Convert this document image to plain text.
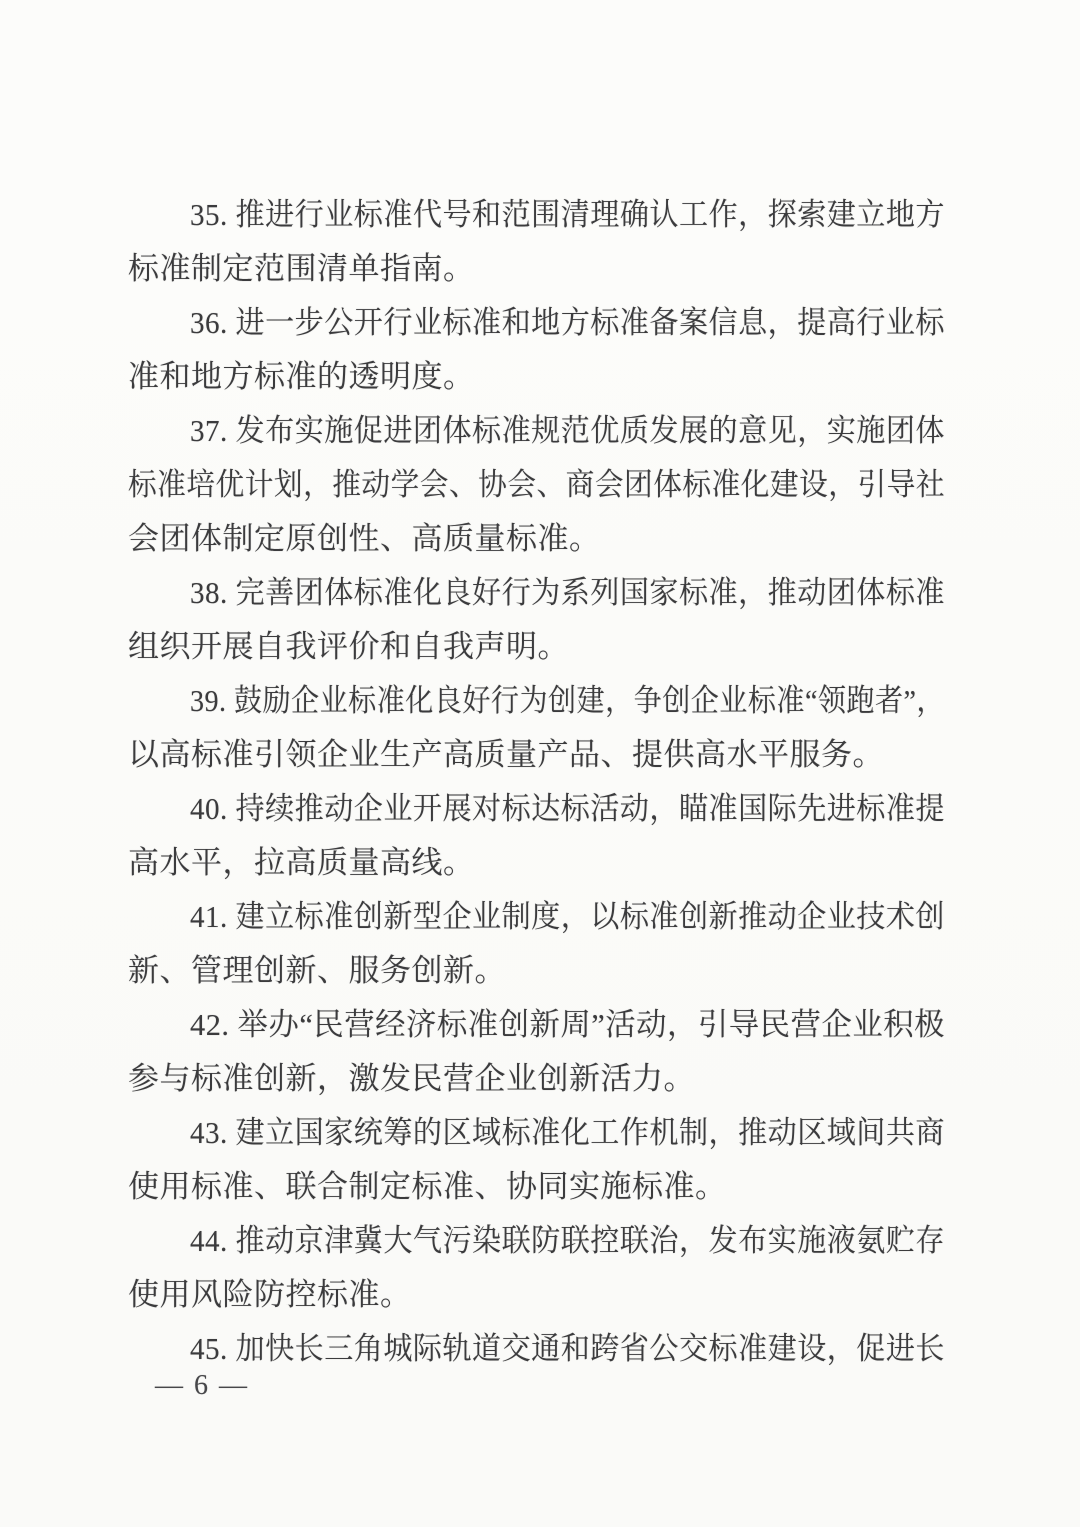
35. 推进行业标准代号和范围清理确认工作，探索建立地方
标准制定范围清单指南。
36. 进一步公开行业标准和地方标准备案信息，提高行业标
准和地方标准的透明度。
37. 发布实施促进团体标准规范优质发展的意见，实施团体
标准培优计划，推动学会、协会、商会团体标准化建设，引导社
会团体制定原创性、高质量标准。
38. 完善团体标准化良好行为系列国家标准，推动团体标准
组织开展自我评价和自我声明。
39. 鼓励企业标准化良好行为创建，争创企业标准“领跑者”，
以高标准引领企业生产高质量产品、提供高水平服务。
40. 持续推动企业开展对标达标活动，瞄准国际先进标准提
高水平，拉高质量高线。
41. 建立标准创新型企业制度，以标准创新推动企业技术创
新、管理创新、服务创新。
42. 举办“民营经济标准创新周”活动，引导民营企业积极
参与标准创新，激发民营企业创新活力。
43. 建立国家统筹的区域标准化工作机制，推动区域间共商
使用标准、联合制定标准、协同实施标准。
44. 推动京津冀大气污染联防联控联治，发布实施液氨贮存
使用风险防控标准。
45. 加快长三角城际轨道交通和跨省公交标准建设，促进长
— 6 —
